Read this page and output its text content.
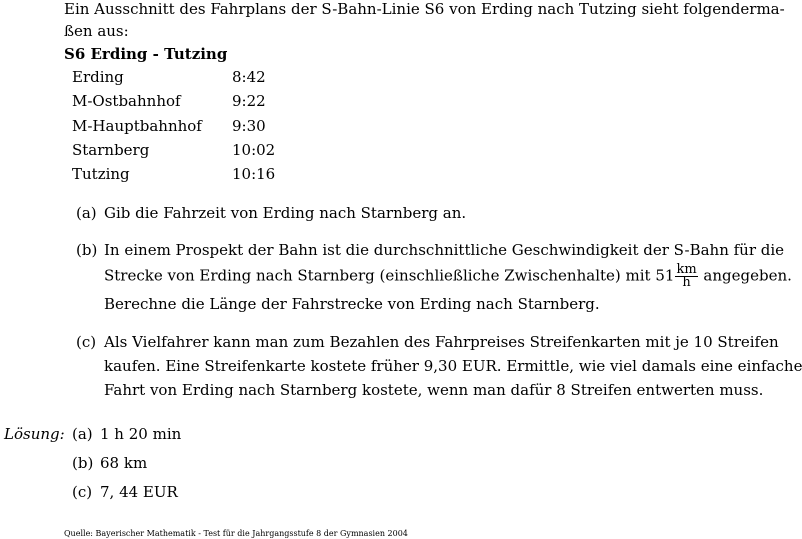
Ein Ausschnitt des Fahrplans der S-Bahn-Linie S6 von Erding nach Tutzing sieht folgenderma-
ßen aus:
S6 Erding - Tutzing
Erding	8:42
M-Ostbahnhof	9:22
M-Hauptbahnhof 9:30
Starnberg	10:02
Tutzing	10:16
(a) Gib die Fahrzeit von Erding nach Starnberg an.
(b) In einem Prospekt der Bahn ist die durchschnittliche Geschwindigkeit der S-Bahn für die
Strecke von Erding nach Starnberg (einschließliche Zwischenhalte) mit $51 \frac{km}{h}$ angegeben.
Berechne die Länge der Fahrstrecke von Erding nach Starnberg.
(c) Als Vielfahrer kann man zum Bezahlen des Fahrpreises Streifenkarten mit je 10 Streifen
kaufen. Eine Streifenkarte kostete früher 9,30 EUR. Ermittle, wie viel damals eine einfache
Fahrt von Erding nach Starnberg kostete, wenn man dafür 8 Streifen entwerten muss.
Lösung: (a) 1 h 20 min
(b) 68 km
(c) 7, 44 EUR
Quelle: Bayerischer Mathematik - Test für die Jahrgangsstufe 8 der Gymnasien 2004
